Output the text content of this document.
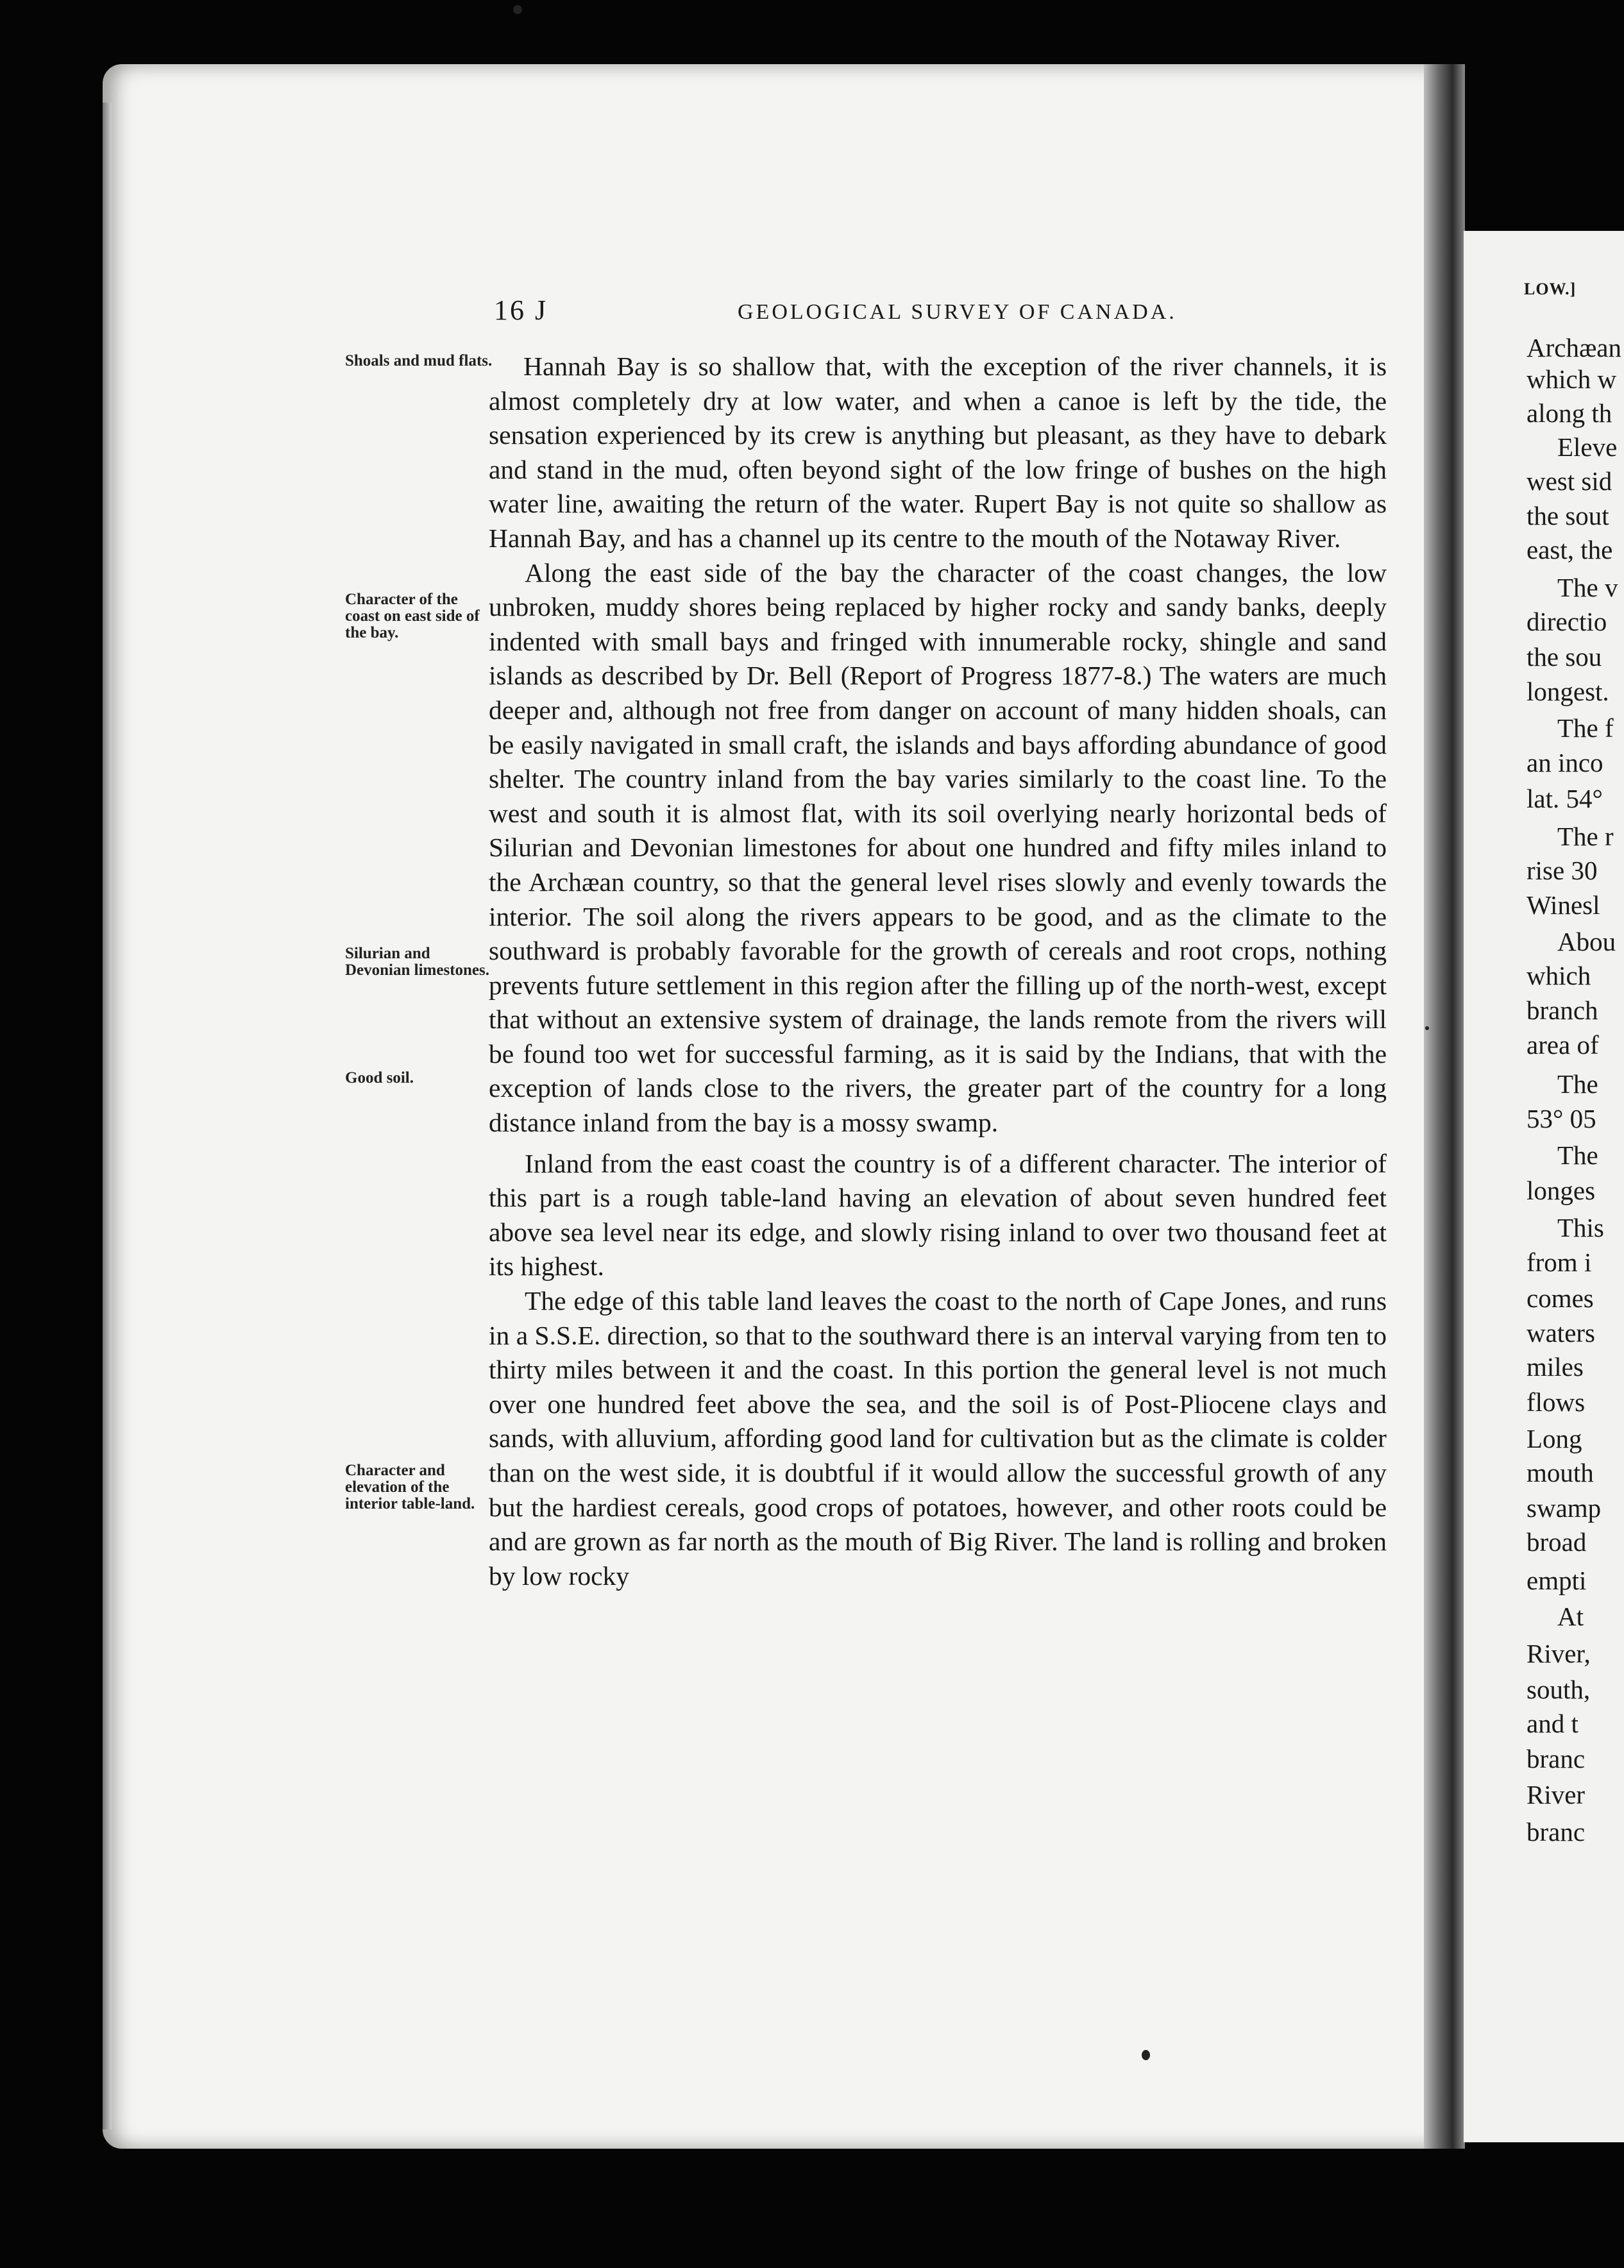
16 J	GEOLOGICAL SURVEY OF CANADA.
Shoals and mud flats.
Character of the coast on east side of the bay.
Silurian and Devonian limestones.
Good soil.
Character and elevation of the interior table-land.

Hannah Bay is so shallow that, with the exception of the river channels, it is almost completely dry at low water, and when a canoe is left by the tide, the sensation experienced by its crew is anything but pleasant, as they have to debark and stand in the mud, often beyond sight of the low fringe of bushes on the high water line, awaiting the return of the water. Rupert Bay is not quite so shallow as Hannah Bay, and has a channel up its centre to the mouth of the Notaway River.

Along the east side of the bay the character of the coast changes, the low unbroken, muddy shores being replaced by higher rocky and sandy banks, deeply indented with small bays and fringed with innumerable rocky, shingle and sand islands as described by Dr. Bell (Report of Progress 1877-8.) The waters are much deeper and, although not free from danger on account of many hidden shoals, can be easily navigated in small craft, the islands and bays affording abundance of good shelter. The country inland from the bay varies similarly to the coast line. To the west and south it is almost flat, with its soil overlying nearly horizontal beds of Silurian and Devonian limestones for about one hundred and fifty miles inland to the Archæan country, so that the general level rises slowly and evenly towards the interior. The soil along the rivers appears to be good, and as the climate to the southward is probably favorable for the growth of cereals and root crops, nothing prevents future settlement in this region after the filling up of the north-west, except that without an extensive system of drainage, the lands remote from the rivers will be found too wet for successful farming, as it is said by the Indians, that with the exception of lands close to the rivers, the greater part of the country for a long distance inland from the bay is a mossy swamp.

Inland from the east coast the country is of a different character. The interior of this part is a rough table-land having an elevation of about seven hundred feet above sea level near its edge, and slowly rising inland to over two thousand feet at its highest.

The edge of this table land leaves the coast to the north of Cape Jones, and runs in a S.S.E. direction, so that to the southward there is an interval varying from ten to thirty miles between it and the coast. In this portion the general level is not much over one hundred feet above the sea, and the soil is of Post-Pliocene clays and sands, with alluvium, affording good land for cultivation but as the climate is colder than on the west side, it is doubtful if it would allow the successful growth of any but the hardiest cereals, good crops of potatoes, however, and other roots could be and are grown as far north as the mouth of Big River. The land is rolling and broken by low rocky

LOW.]
Archæan
which w
along th
Eleve
west sid
the sout
east, the
The v
directio
the sou
longest.
The f
an inco
lat. 54°
The r
rise 30
Winesl
Abou
which
branch
area of
The
53° 05
The
longes
This
from i
comes
waters
miles
flows
Long
mouth
swamp
broad
empti
At
River,
south,
and t
branc
River
branc
